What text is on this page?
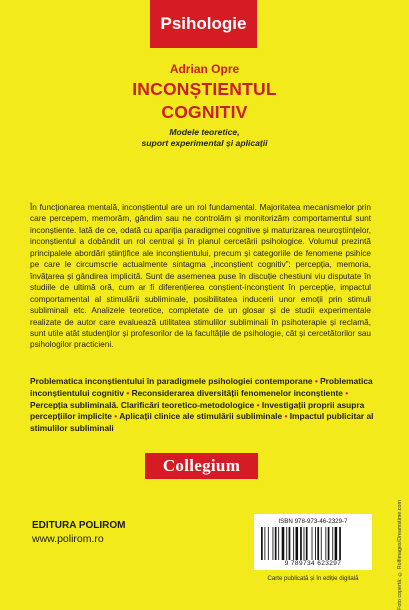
Psihologie
Adrian Opre
INCONȘTIENTUL
COGNITIV
Modele teoretice,
suport experimental și aplicații

În funcționarea mentală, inconștientul are un rol fundamental. Majoritatea mecanismelor prin care percepem, memorăm, gândim sau ne controlăm și monitorizăm comportamentul sunt inconștiente. Iată de ce, odată cu apariția paradigmei cognitive și maturizarea neuroștiințelor, inconștientul a dobândit un rol central și în planul cercetării psihologice. Volumul prezintă principalele abordări științifice ale inconștientului, precum și categoriile de fenomene psihice pe care le circumscrie actualmente sintagma „inconștient cognitiv”: percepția, memoria, învățarea și gândirea implicită. Sunt de asemenea puse în discuție chestiuni viu disputate în studiile de ultimă oră, cum ar fi diferențierea conștient-inconștient în percepție, impactul comportamental al stimulării subliminale, posibilitatea inducerii unor emoții prin stimuli subliminali etc. Analizele teoretice, completate de un glosar și de studii experimentale realizate de autor care evaluează utilitatea stimulilor subliminali în psihoterapie și reclamă, sunt utile atât studenților și profesorilor de la facultățile de psihologie, cât și cercetătorilor sau psihologilor practicieni.

Problematica inconștientului în paradigmele psihologiei contemporane • Problematica inconștientului cognitiv • Reconsiderarea diversității fenomenelor inconștiente • Percepția subliminală. Clarificări teoretico-metodologice • Investigații proprii asupra percepțiilor implicite • Aplicații clinice ale stimulării subliminale • Impactul publicitar al stimulilor subliminali

Collegium
Foto copertă: © Rolfimages/Dreamstime.com
EDITURA POLIROM
www.polirom.ro
ISBN 978-973-46-2329-7
9 789734 623297
Carte publicată și în ediție digitală
